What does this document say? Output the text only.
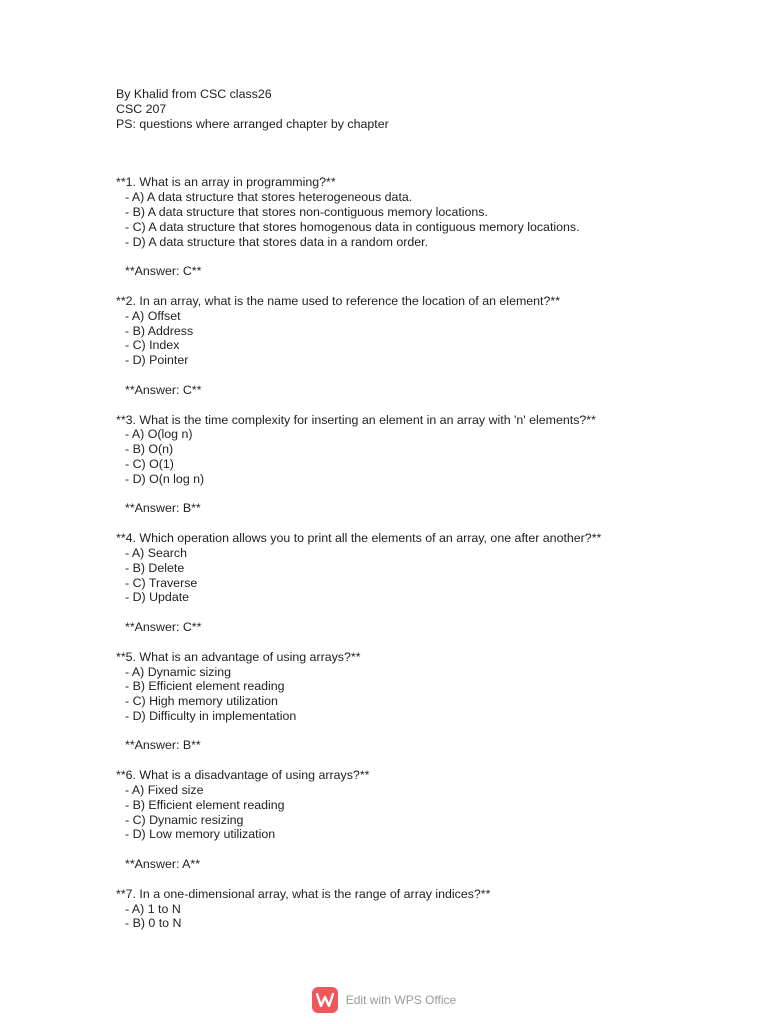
By Khalid from CSC class26
CSC 207
PS: questions where arranged chapter by chapter
**1. What is an array in programming?**
- A) A data structure that stores heterogeneous data.
- B) A data structure that stores non-contiguous memory locations.
- C) A data structure that stores homogenous data in contiguous memory locations.
- D) A data structure that stores data in a random order.
**Answer: C**
**2. In an array, what is the name used to reference the location of an element?**
- A) Offset
- B) Address
- C) Index
- D) Pointer
**Answer: C**
**3. What is the time complexity for inserting an element in an array with 'n' elements?**
- A) O(log n)
- B) O(n)
- C) O(1)
- D) O(n log n)
**Answer: B**
**4. Which operation allows you to print all the elements of an array, one after another?**
- A) Search
- B) Delete
- C) Traverse
- D) Update
**Answer: C**
**5. What is an advantage of using arrays?**
- A) Dynamic sizing
- B) Efficient element reading
- C) High memory utilization
- D) Difficulty in implementation
**Answer: B**
**6. What is a disadvantage of using arrays?**
- A) Fixed size
- B) Efficient element reading
- C) Dynamic resizing
- D) Low memory utilization
**Answer: A**
**7. In a one-dimensional array, what is the range of array indices?**
- A) 1 to N
- B) 0 to N
Edit with WPS Office
